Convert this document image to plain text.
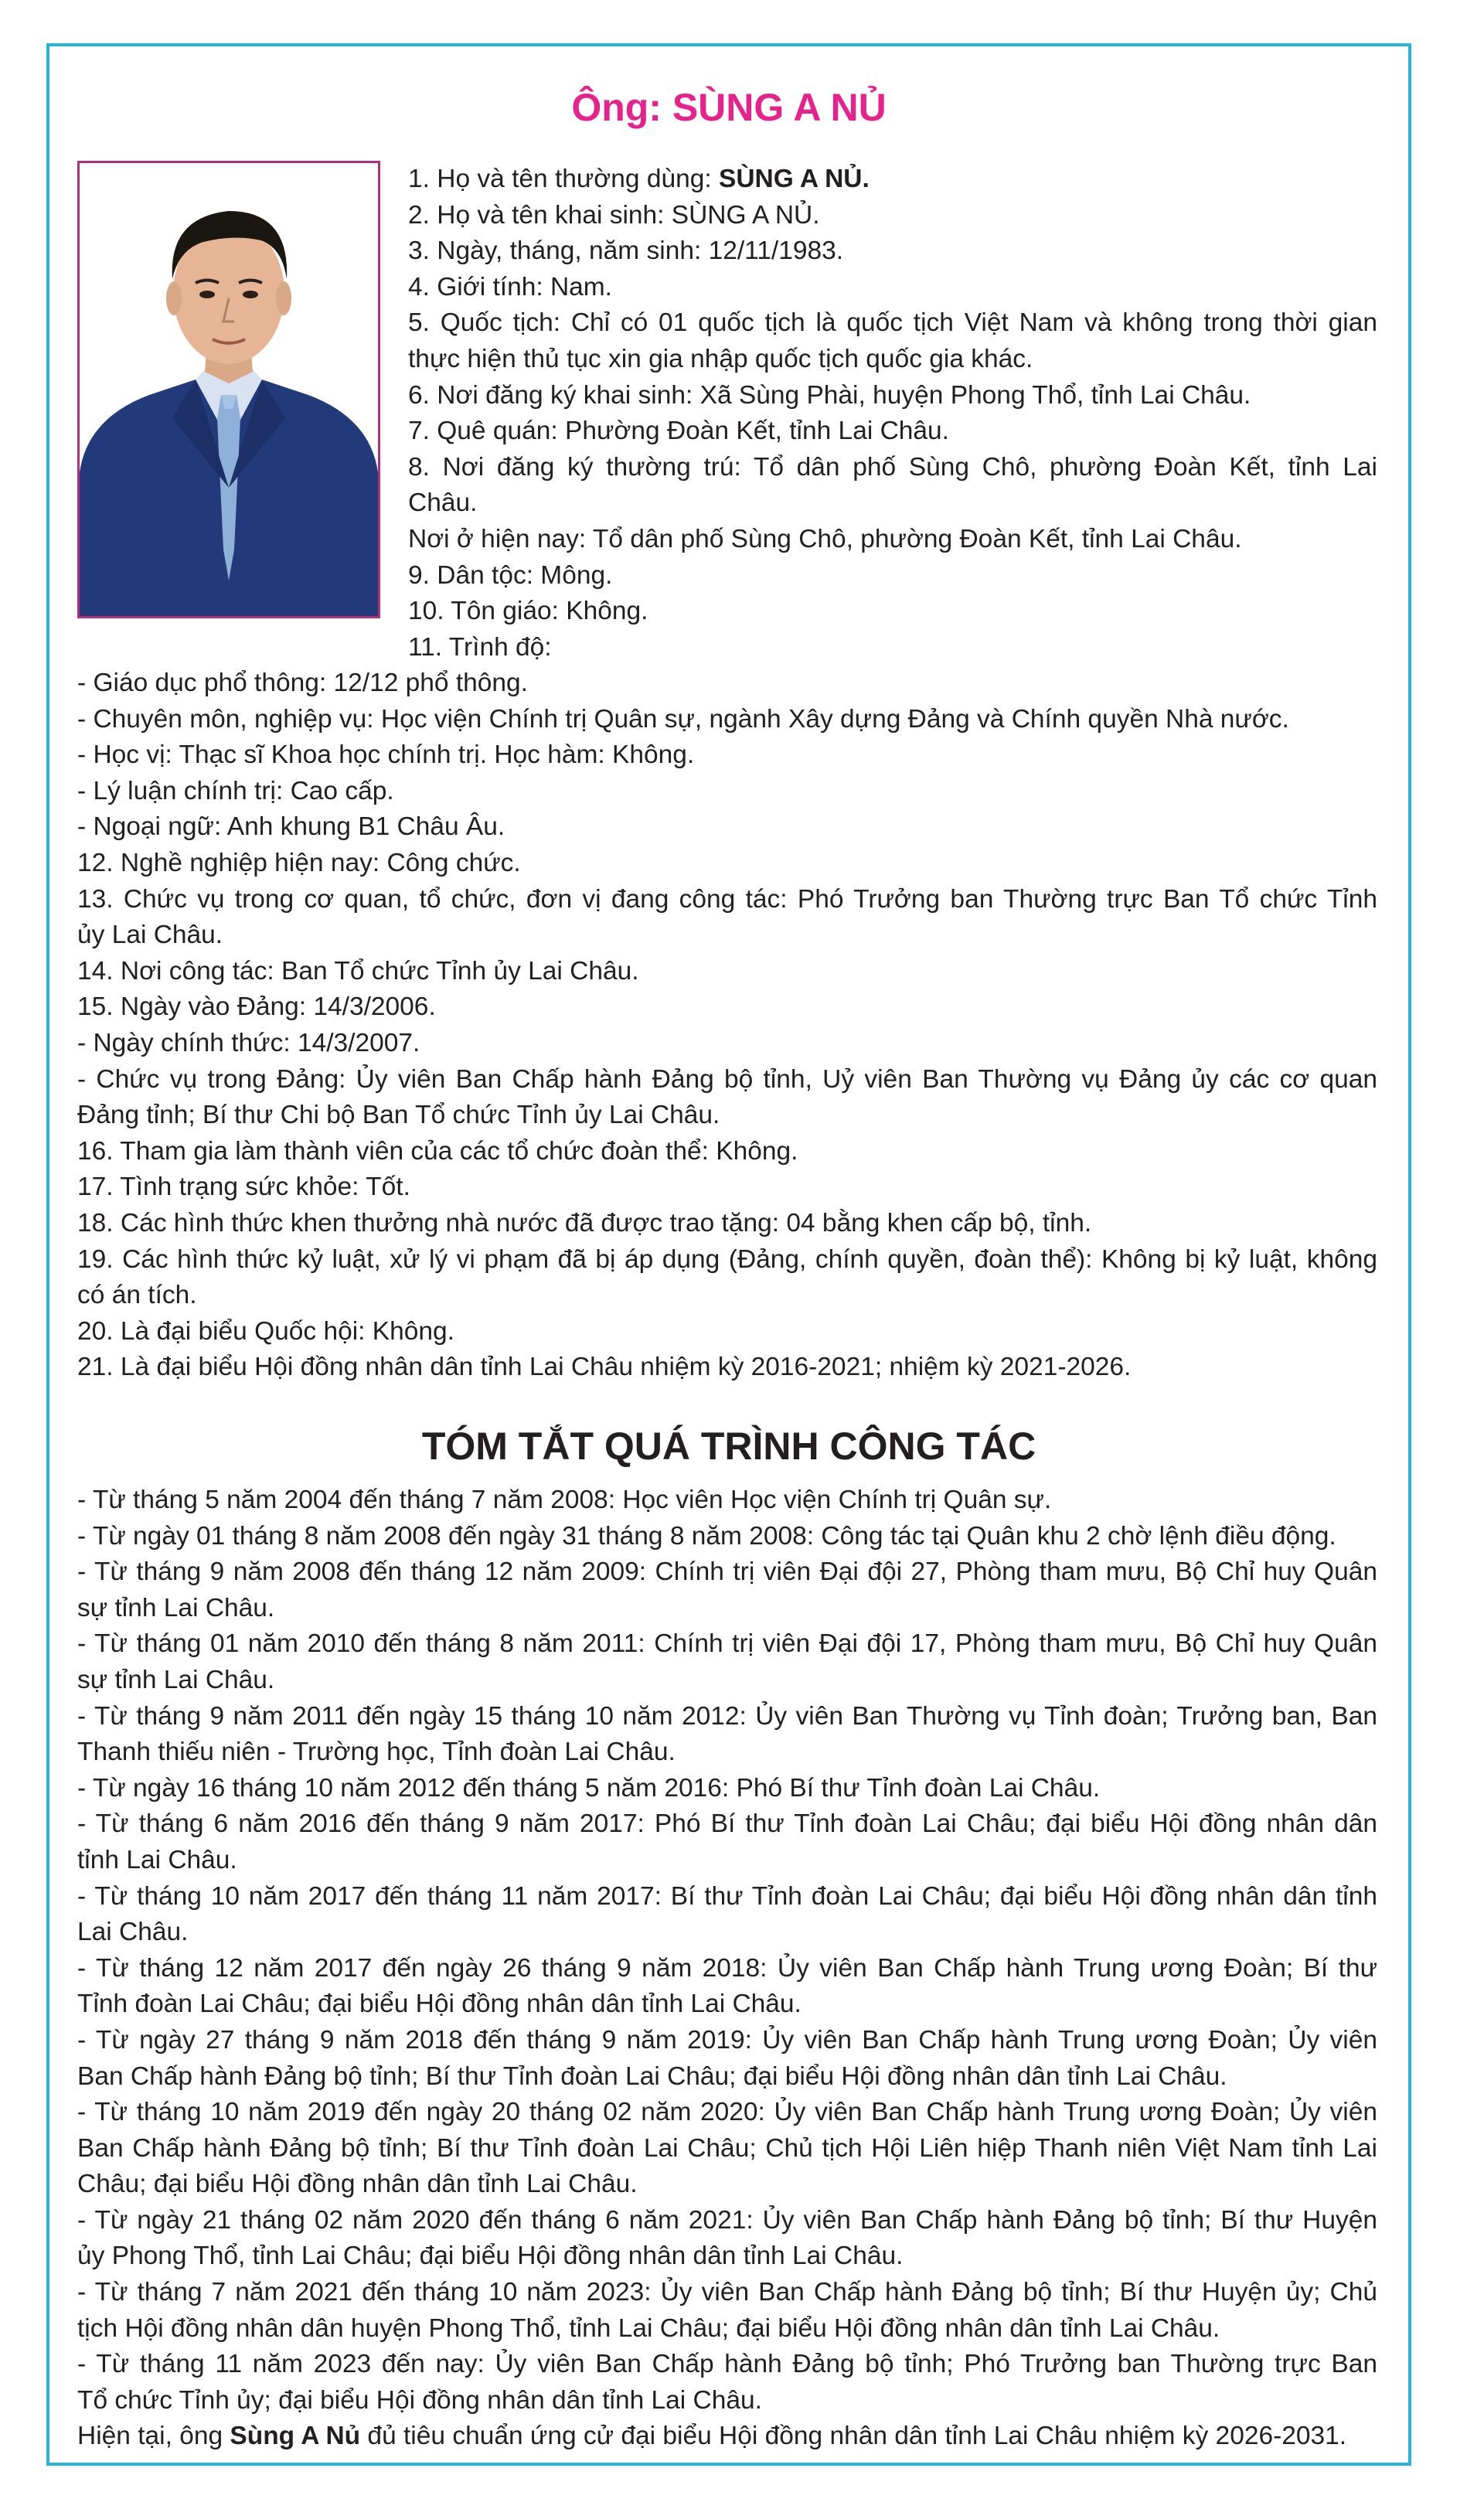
Ông: SÙNG A NỦ
1. Họ và tên thường dùng: SÙNG A NỦ.
2. Họ và tên khai sinh: SÙNG A NỦ.
3. Ngày, tháng, năm sinh: 12/11/1983.
4. Giới tính: Nam.
5. Quốc tịch: Chỉ có 01 quốc tịch là quốc tịch Việt Nam và không trong thời gian
thực hiện thủ tục xin gia nhập quốc tịch quốc gia khác.
6. Nơi đăng ký khai sinh: Xã Sùng Phài, huyện Phong Thổ, tỉnh Lai Châu.
7. Quê quán: Phường Đoàn Kết, tỉnh Lai Châu.
8. Nơi đăng ký thường trú: Tổ dân phố Sùng Chô, phường Đoàn Kết, tỉnh Lai
Châu.
Nơi ở hiện nay: Tổ dân phố Sùng Chô, phường Đoàn Kết, tỉnh Lai Châu.
9. Dân tộc: Mông.
10. Tôn giáo: Không.
11. Trình độ:
- Giáo dục phổ thông: 12/12 phổ thông.
- Chuyên môn, nghiệp vụ: Học viện Chính trị Quân sự, ngành Xây dựng Đảng và Chính quyền Nhà nước.
- Học vị: Thạc sĩ Khoa học chính trị. Học hàm: Không.
- Lý luận chính trị: Cao cấp.
- Ngoại ngữ: Anh khung B1 Châu Âu.
12. Nghề nghiệp hiện nay: Công chức.
13. Chức vụ trong cơ quan, tổ chức, đơn vị đang công tác: Phó Trưởng ban Thường trực Ban Tổ chức Tỉnh
ủy Lai Châu.
14. Nơi công tác: Ban Tổ chức Tỉnh ủy Lai Châu.
15. Ngày vào Đảng: 14/3/2006.
- Ngày chính thức: 14/3/2007.
- Chức vụ trong Đảng: Ủy viên Ban Chấp hành Đảng bộ tỉnh, Uỷ viên Ban Thường vụ Đảng ủy các cơ quan
Đảng tỉnh; Bí thư Chi bộ Ban Tổ chức Tỉnh ủy Lai Châu.
16. Tham gia làm thành viên của các tổ chức đoàn thể: Không.
17. Tình trạng sức khỏe: Tốt.
18. Các hình thức khen thưởng nhà nước đã được trao tặng: 04 bằng khen cấp bộ, tỉnh.
19. Các hình thức kỷ luật, xử lý vi phạm đã bị áp dụng (Đảng, chính quyền, đoàn thể): Không bị kỷ luật, không
có án tích.
20. Là đại biểu Quốc hội: Không.
21. Là đại biểu Hội đồng nhân dân tỉnh Lai Châu nhiệm kỳ 2016-2021; nhiệm kỳ 2021-2026.
TÓM TẮT QUÁ TRÌNH CÔNG TÁC
- Từ tháng 5 năm 2004 đến tháng 7 năm 2008: Học viên Học viện Chính trị Quân sự.
- Từ ngày 01 tháng 8 năm 2008 đến ngày 31 tháng 8 năm 2008: Công tác tại Quân khu 2 chờ lệnh điều động.
- Từ tháng 9 năm 2008 đến tháng 12 năm 2009: Chính trị viên Đại đội 27, Phòng tham mưu, Bộ Chỉ huy Quân
sự tỉnh Lai Châu.
- Từ tháng 01 năm 2010 đến tháng 8 năm 2011: Chính trị viên Đại đội 17, Phòng tham mưu, Bộ Chỉ huy Quân
sự tỉnh Lai Châu.
- Từ tháng 9 năm 2011 đến ngày 15 tháng 10 năm 2012: Ủy viên Ban Thường vụ Tỉnh đoàn; Trưởng ban, Ban
Thanh thiếu niên - Trường học, Tỉnh đoàn Lai Châu.
- Từ ngày 16 tháng 10 năm 2012 đến tháng 5 năm 2016: Phó Bí thư Tỉnh đoàn Lai Châu.
- Từ tháng 6 năm 2016 đến tháng 9 năm 2017: Phó Bí thư Tỉnh đoàn Lai Châu; đại biểu Hội đồng nhân dân
tỉnh Lai Châu.
- Từ tháng 10 năm 2017 đến tháng 11 năm 2017: Bí thư Tỉnh đoàn Lai Châu; đại biểu Hội đồng nhân dân tỉnh
Lai Châu.
- Từ tháng 12 năm 2017 đến ngày 26 tháng 9 năm 2018: Ủy viên Ban Chấp hành Trung ương Đoàn; Bí thư
Tỉnh đoàn Lai Châu; đại biểu Hội đồng nhân dân tỉnh Lai Châu.
- Từ ngày 27 tháng 9 năm 2018 đến tháng 9 năm 2019: Ủy viên Ban Chấp hành Trung ương Đoàn; Ủy viên
Ban Chấp hành Đảng bộ tỉnh; Bí thư Tỉnh đoàn Lai Châu; đại biểu Hội đồng nhân dân tỉnh Lai Châu.
- Từ tháng 10 năm 2019 đến ngày 20 tháng 02 năm 2020: Ủy viên Ban Chấp hành Trung ương Đoàn; Ủy viên
Ban Chấp hành Đảng bộ tỉnh; Bí thư Tỉnh đoàn Lai Châu; Chủ tịch Hội Liên hiệp Thanh niên Việt Nam tỉnh Lai
Châu; đại biểu Hội đồng nhân dân tỉnh Lai Châu.
- Từ ngày 21 tháng 02 năm 2020 đến tháng 6 năm 2021: Ủy viên Ban Chấp hành Đảng bộ tỉnh; Bí thư Huyện
ủy Phong Thổ, tỉnh Lai Châu; đại biểu Hội đồng nhân dân tỉnh Lai Châu.
- Từ tháng 7 năm 2021 đến tháng 10 năm 2023: Ủy viên Ban Chấp hành Đảng bộ tỉnh; Bí thư Huyện ủy; Chủ
tịch Hội đồng nhân dân huyện Phong Thổ, tỉnh Lai Châu; đại biểu Hội đồng nhân dân tỉnh Lai Châu.
- Từ tháng 11 năm 2023 đến nay: Ủy viên Ban Chấp hành Đảng bộ tỉnh; Phó Trưởng ban Thường trực Ban
Tổ chức Tỉnh ủy; đại biểu Hội đồng nhân dân tỉnh Lai Châu.
Hiện tại, ông Sùng A Nủ đủ tiêu chuẩn ứng cử đại biểu Hội đồng nhân dân tỉnh Lai Châu nhiệm kỳ 2026-2031.
